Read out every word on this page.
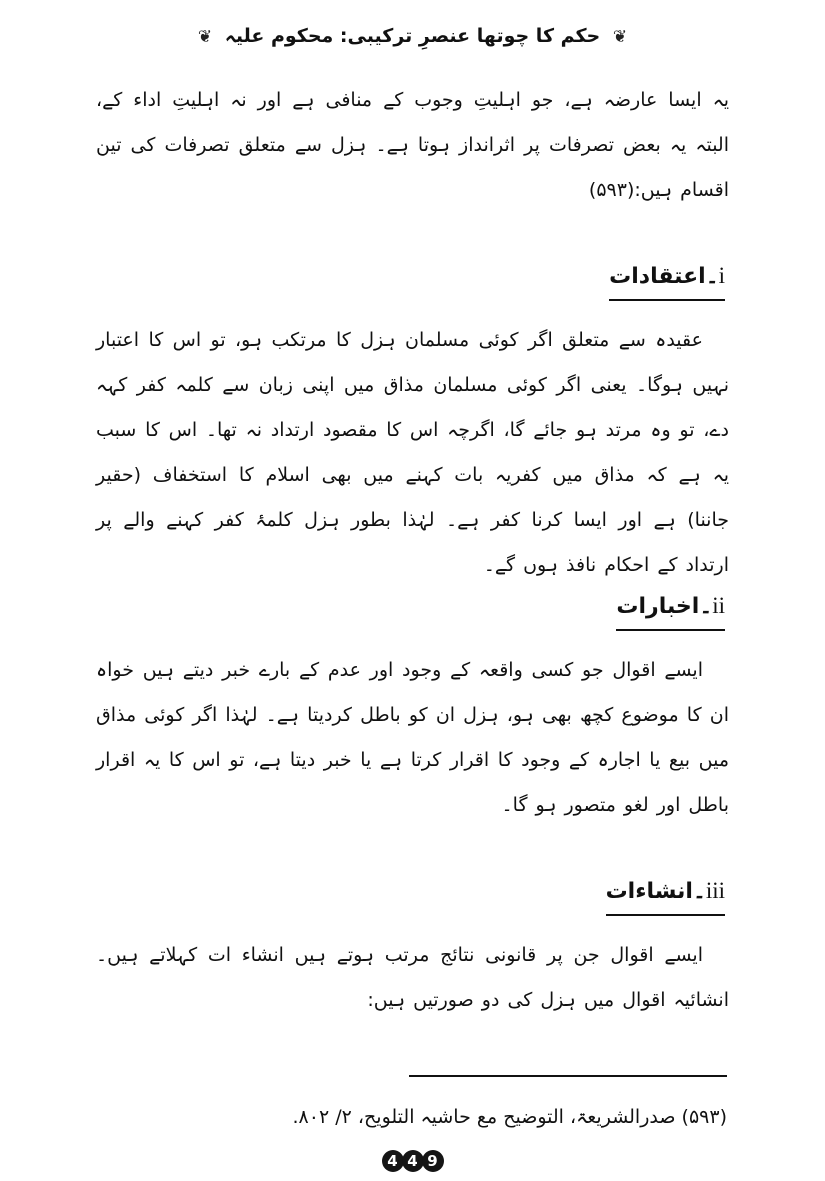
❦ حکم کا چوتھا عنصرِ ترکیبی: محکوم علیہ ❦

یہ ایسا عارضہ ہے، جو اہلیتِ وجوب کے منافی ہے اور نہ اہلیتِ اداء کے، البتہ یہ بعض تصرفات پر اثرانداز ہوتا ہے۔ ہزل سے متعلق تصرفات کی تین اقسام ہیں:(۵۹۳)

i۔اعتقادات

عقیدہ سے متعلق اگر کوئی مسلمان ہزل کا مرتکب ہو، تو اس کا اعتبار نہیں ہوگا۔ یعنی اگر کوئی مسلمان مذاق میں اپنی زبان سے کلمہ کفر کہہ دے، تو وہ مرتد ہو جائے گا، اگرچہ اس کا مقصود ارتداد نہ تھا۔ اس کا سبب یہ ہے کہ مذاق میں کفریہ بات کہنے میں بھی اسلام کا استخفاف (حقیر جاننا) ہے اور ایسا کرنا کفر ہے۔ لہٰذا بطور ہزل کلمۂ کفر کہنے والے پر ارتداد کے احکام نافذ ہوں گے۔

ii۔اخبارات

ایسے اقوال جو کسی واقعہ کے وجود اور عدم کے بارے خبر دیتے ہیں خواہ ان کا موضوع کچھ بھی ہو، ہزل ان کو باطل کردیتا ہے۔ لہٰذا اگر کوئی مذاق میں بیع یا اجارہ کے وجود کا اقرار کرتا ہے یا خبر دیتا ہے، تو اس کا یہ اقرار باطل اور لغو متصور ہو گا۔

iii۔انشاءات

ایسے اقوال جن پر قانونی نتائج مرتب ہوتے ہیں انشاء ات کہلاتے ہیں۔ انشائیہ اقوال میں ہزل کی دو صورتیں ہیں:

(۵۹۳) صدرالشریعۃ، التوضیح مع حاشیہ التلویح، ۲/ ۸۰۲.
4 4 9
